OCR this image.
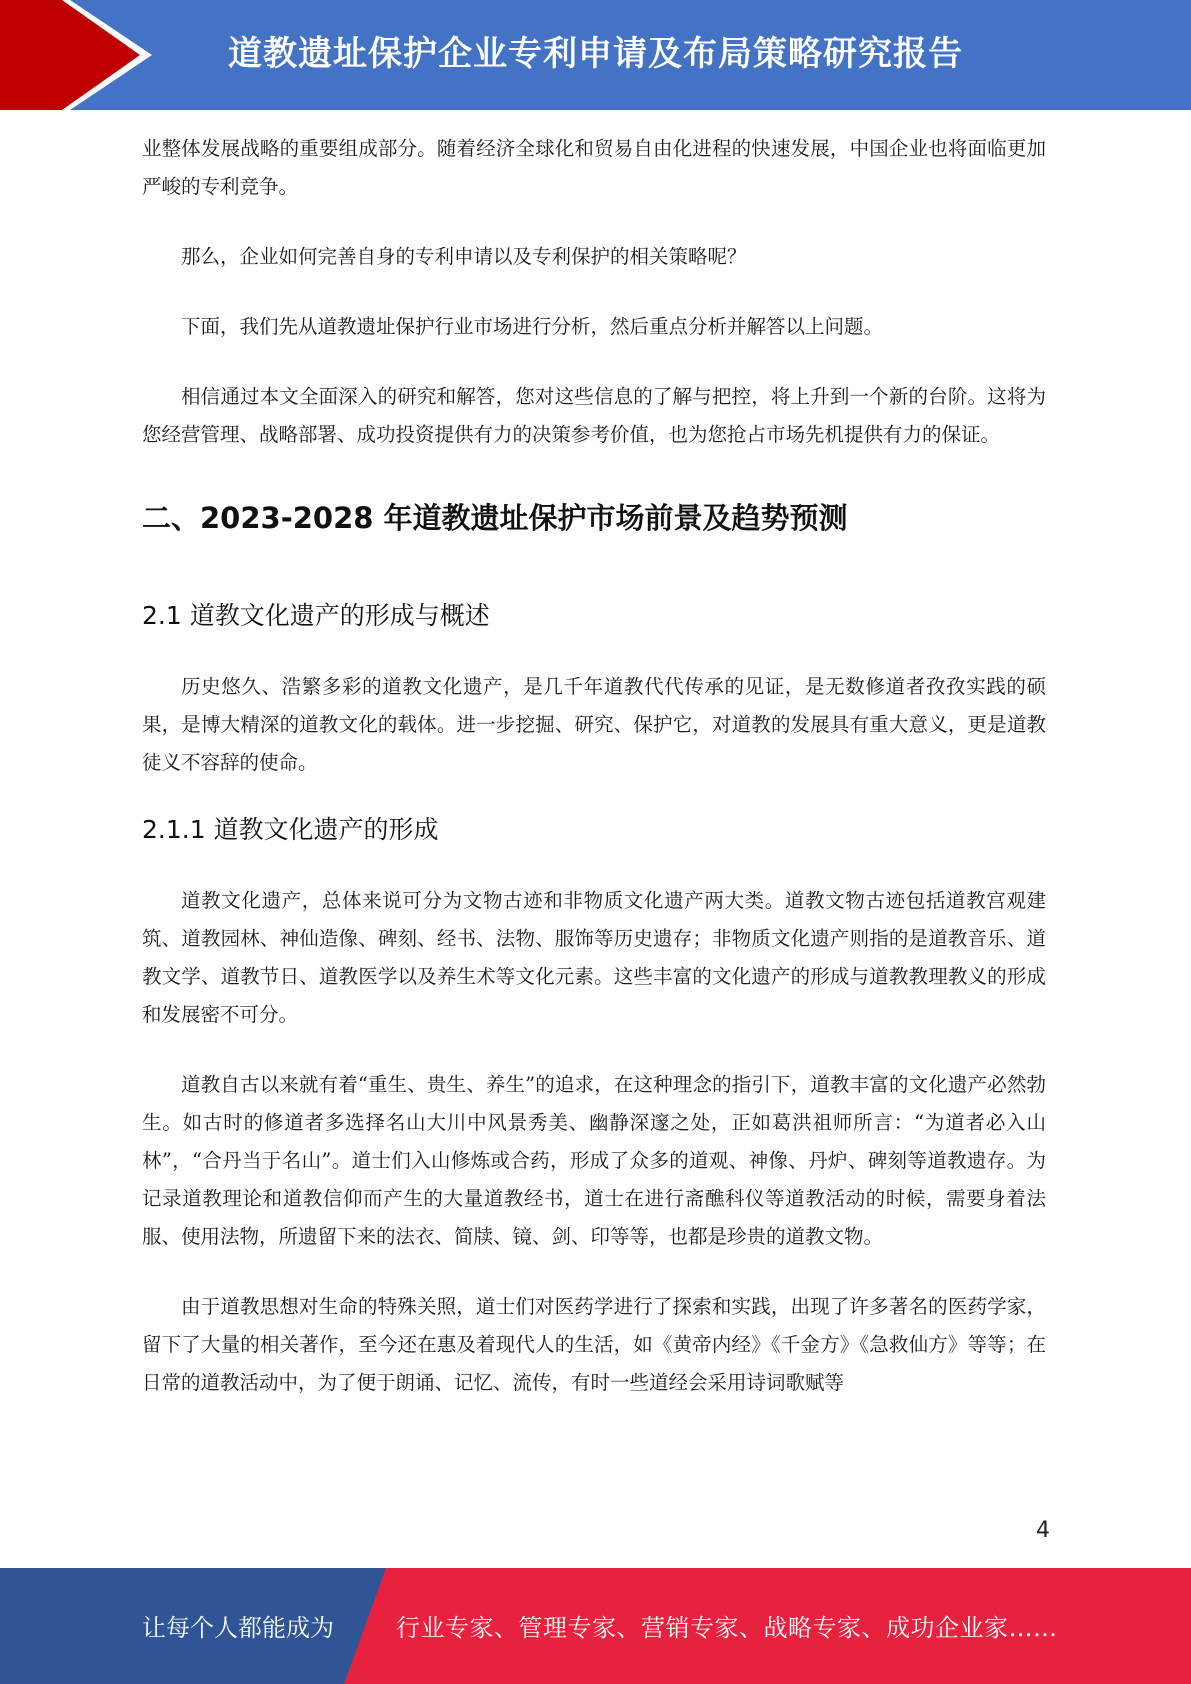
道教遗址保护企业专利申请及布局策略研究报告

业整体发展战略的重要组成部分。随着经济全球化和贸易自由化进程的快速发展，中国企业也将面临更加严峻的专利竞争。

那么，企业如何完善自身的专利申请以及专利保护的相关策略呢？

下面，我们先从道教遗址保护行业市场进行分析，然后重点分析并解答以上问题。

相信通过本文全面深入的研究和解答，您对这些信息的了解与把控，将上升到一个新的台阶。这将为您经营管理、战略部署、成功投资提供有力的决策参考价值，也为您抢占市场先机提供有力的保证。

二、2023-2028 年道教遗址保护市场前景及趋势预测
2.1 道教文化遗产的形成与概述

历史悠久、浩繁多彩的道教文化遗产，是几千年道教代代传承的见证，是无数修道者孜孜实践的硕果，是博大精深的道教文化的载体。进一步挖掘、研究、保护它，对道教的发展具有重大意义，更是道教徒义不容辞的使命。

2.1.1 道教文化遗产的形成

道教文化遗产，总体来说可分为文物古迹和非物质文化遗产两大类。道教文物古迹包括道教宫观建筑、道教园林、神仙造像、碑刻、经书、法物、服饰等历史遗存；非物质文化遗产则指的是道教音乐、道教文学、道教节日、道教医学以及养生术等文化元素。这些丰富的文化遗产的形成与道教教理教义的形成和发展密不可分。

道教自古以来就有着“重生、贵生、养生”的追求，在这种理念的指引下，道教丰富的文化遗产必然勃生。如古时的修道者多选择名山大川中风景秀美、幽静深邃之处，正如葛洪祖师所言：“为道者必入山林”，“合丹当于名山”。道士们入山修炼或合药，形成了众多的道观、神像、丹炉、碑刻等道教遗存。为记录道教理论和道教信仰而产生的大量道教经书，道士在进行斋醮科仪等道教活动的时候，需要身着法服、使用法物，所遗留下来的法衣、简牍、镜、剑、印等等，也都是珍贵的道教文物。

由于道教思想对生命的特殊关照，道士们对医药学进行了探索和实践，出现了许多著名的医药学家，留下了大量的相关著作，至今还在惠及着现代人的生活，如《黄帝内经》《千金方》《急救仙方》等等；在日常的道教活动中，为了便于朗诵、记忆、流传，有时一些道经会采用诗词歌赋等

4
让每个人都能成为	行业专家、管理专家、营销专家、战略专家、成功企业家……
